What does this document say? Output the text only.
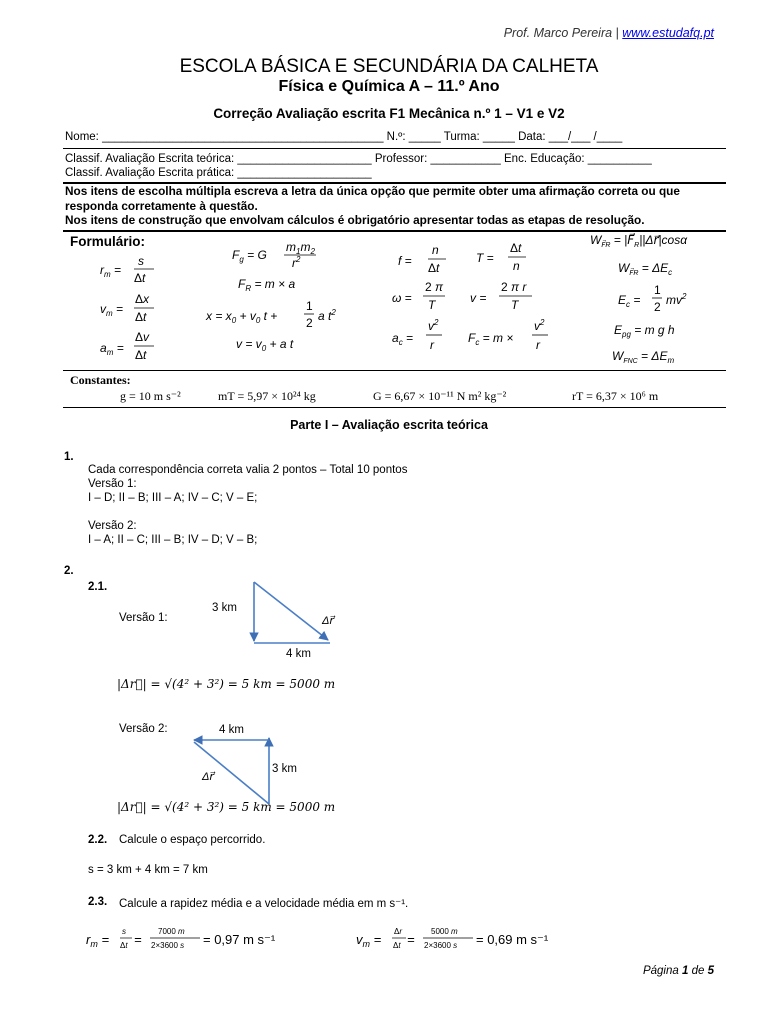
Prof. Marco Pereira | www.estudafq.pt
ESCOLA BÁSICA E SECUNDÁRIA DA CALHETA
Física e Química A – 11.º Ano
Correção Avaliação escrita F1 Mecânica n.º 1 – V1 e V2
Nome: ____________________________________________ N.º: _____ Turma: _____ Data: ___/___ /____
Classif. Avaliação Escrita teórica: _____________________ Professor: ___________ Enc. Educação: __________
Classif. Avaliação Escrita prática: _____________________
Nos itens de escolha múltipla escreva a letra da única opção que permite obter uma afirmação correta ou que responda corretamente à questão.
Nos itens de construção que envolvam cálculos é obrigatório apresentar todas as etapas de resolução.
Formulário:
$r_m$ =
s
Δt
$v_m$ =
Δx
Δt
$a_m$ =
Δv
Δt
$F_g = G$
$m_1m_2$
$r^2$
$F_R = m \times a$
$x = x_0 + v_0$ t +
1
2 a $t^2$
$v = v_0 + a$ t
f =
n
Δt
T =
Δt
n
ω =
2 π
T	v =
2 π r
T
$a_c$ =
$v^2$
r	$F_c = m$ ×
$v^2$
r
$W_{F⃗R}$ = $|F⃗_R||\Delta r⃗|\cos\alpha$
$W_{F⃗R} = \Delta E_c$
$E_c$ =
1
2 $mv^2$
$E_{pg} = m$ g h
$W_{FNC} = \Delta E_m$
Constantes:
g = 10 m s⁻²	mT = 5,97 × 10²⁴ kg	G = 6,67 × 10⁻¹¹ N m² kg⁻²	rT = 6,37 × 10⁶ m
Parte I – Avaliação escrita teórica
1.
Cada correspondência correta valia 2 pontos – Total 10 pontos
Versão 1:
I – D; II – B; III – A; IV – C; V – E;
Versão 2:
I – A; II – C; III – B; IV – D; V – B;
2.
2.1.
Versão 1:
3 km
4 km
Δr⃗
|Δr⃗| = √(4² + 3²) = 5 km = 5000 m
Versão 2:	4 km
3 km
Δr⃗
|Δr⃗| = √(4² + 3²) = 5 km = 5000 m
2.2. Calcule o espaço percorrido.
s = 3 km + 4 km = 7 km
2.3. Calcule a rapidez média e a velocidade média em m s⁻¹.
$r_m$ =
s
Δt =
7000 m
2×3600 s = 0,97 m s⁻¹	$v_m$ =
Δr
Δt =
5000 m
2×3600 s = 0,69 m s⁻¹
Página 1 de 5
